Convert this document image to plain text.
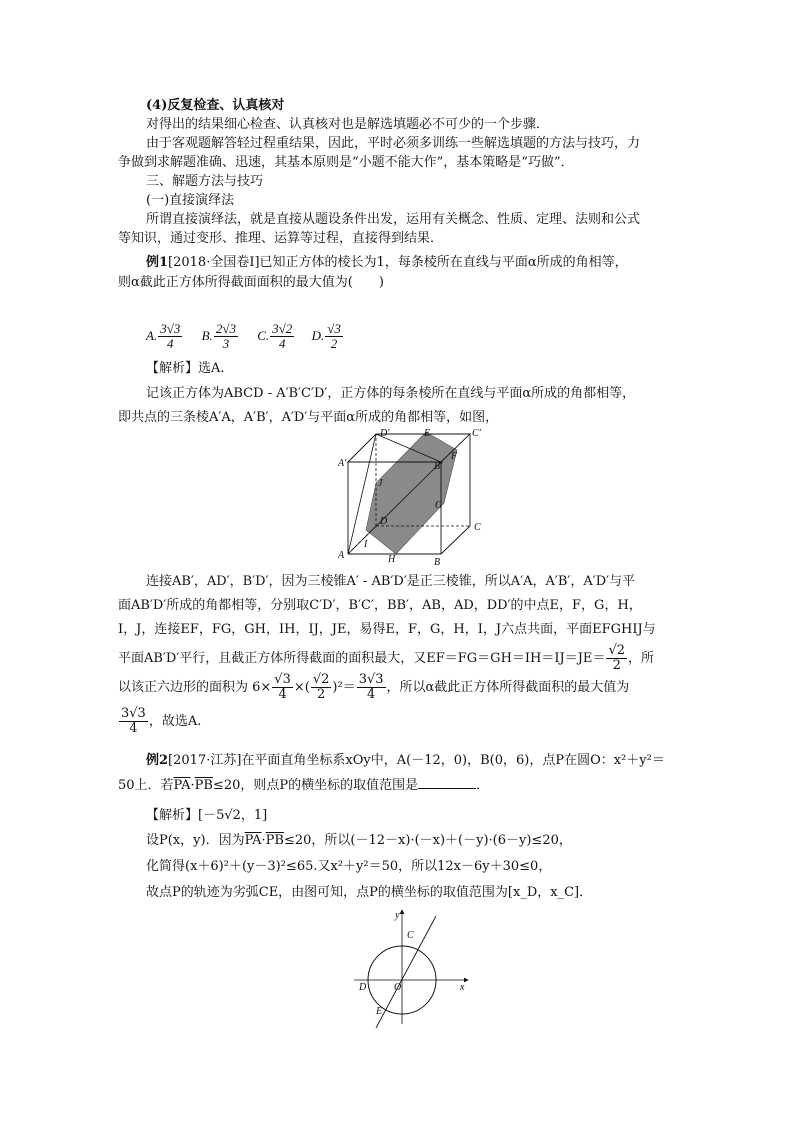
(4)反复检查、认真核对
对得出的结果细心检查、认真核对也是解选填题必不可少的一个步骤．
由于客观题解答轻过程重结果，因此，平时必须多训练一些解选填题的方法与技巧，力
争做到求解题准确、迅速，其基本原则是“小题不能大作”，基本策略是“巧做”．
三、解题方法与技巧
(一)直接演绎法
所谓直接演绎法，就是直接从题设条件出发，运用有关概念、性质、定理、法则和公式
等知识，通过变形、推理、运算等过程，直接得到结果．
例1[2018·全国卷Ⅰ]已知正方体的棱长为1，每条棱所在直线与平面α所成的角相等，
则α截此正方体所得截面面积的最大值为(　　)
A. $\frac{3√3}{4} B$. $\frac{2√3}{3} C$. $\frac{3√2}{4} D$. $\frac{√3}{2}$
【解析】选A.
记该正方体为ABCD - A′B′C′D′，正方体的每条棱所在直线与平面α所成的角都相等，
即共点的三条棱A′A，A′B′，A′D′与平面α所成的角都相等，如图，
A
B
C
D
A′	B′
C′
D′	E
F
G
H
I
J
连接AB′，AD′，B′D′，因为三棱锥A′ - AB′D′是正三棱锥，所以A′A，A′B′，A′D′与平
面AB′D′所成的角都相等，分别取C′D′，B′C′，BB′，AB，AD，DD′的中点E，F，G，H，
I，J，连接EF，FG，GH，IH，IJ，JE，易得E，F，G，H，I，J六点共面，平面EFGHIJ与
平面AB′D′平行，且截正方体所得截面的面积最大，又$EF=FG=GH=IH=IJ=JE= \frac{√2}{2}$ ，所
以该正六边形的面积为 $6\times \frac{√3}{4}$ ×( $\frac{√2}{2} )^2= \frac{3√3}{4}$ ，所以α截此正方体所得截面积的最大值为
$\frac{3√3}{4}$ ，故选A.
例2[2017·江苏]在平面直角坐标系xOy中，A(－12，0)，B(0，6)，点P在圆O：x²＋y²＝
50上．若$\overline{PA}\cdot\overline{PB}\le 20$，则点P的横坐标的取值范围是	．
【解析】[－5√2，1]
设P(x，y)．因为$\overline{PA}\cdot\overline{PB}\le 20$，所以(－12－x)·(－x)＋(－y)·(6－y)≤20，
化简得(x＋6)²＋(y－3)²≤65.又x²＋y²＝50，所以12x－6y＋30≤0，
故点P的轨迹为劣弧CE，由图可知，点P的横坐标的取值范围为[x_D，x_C]．
y
x
O
C
D
E
